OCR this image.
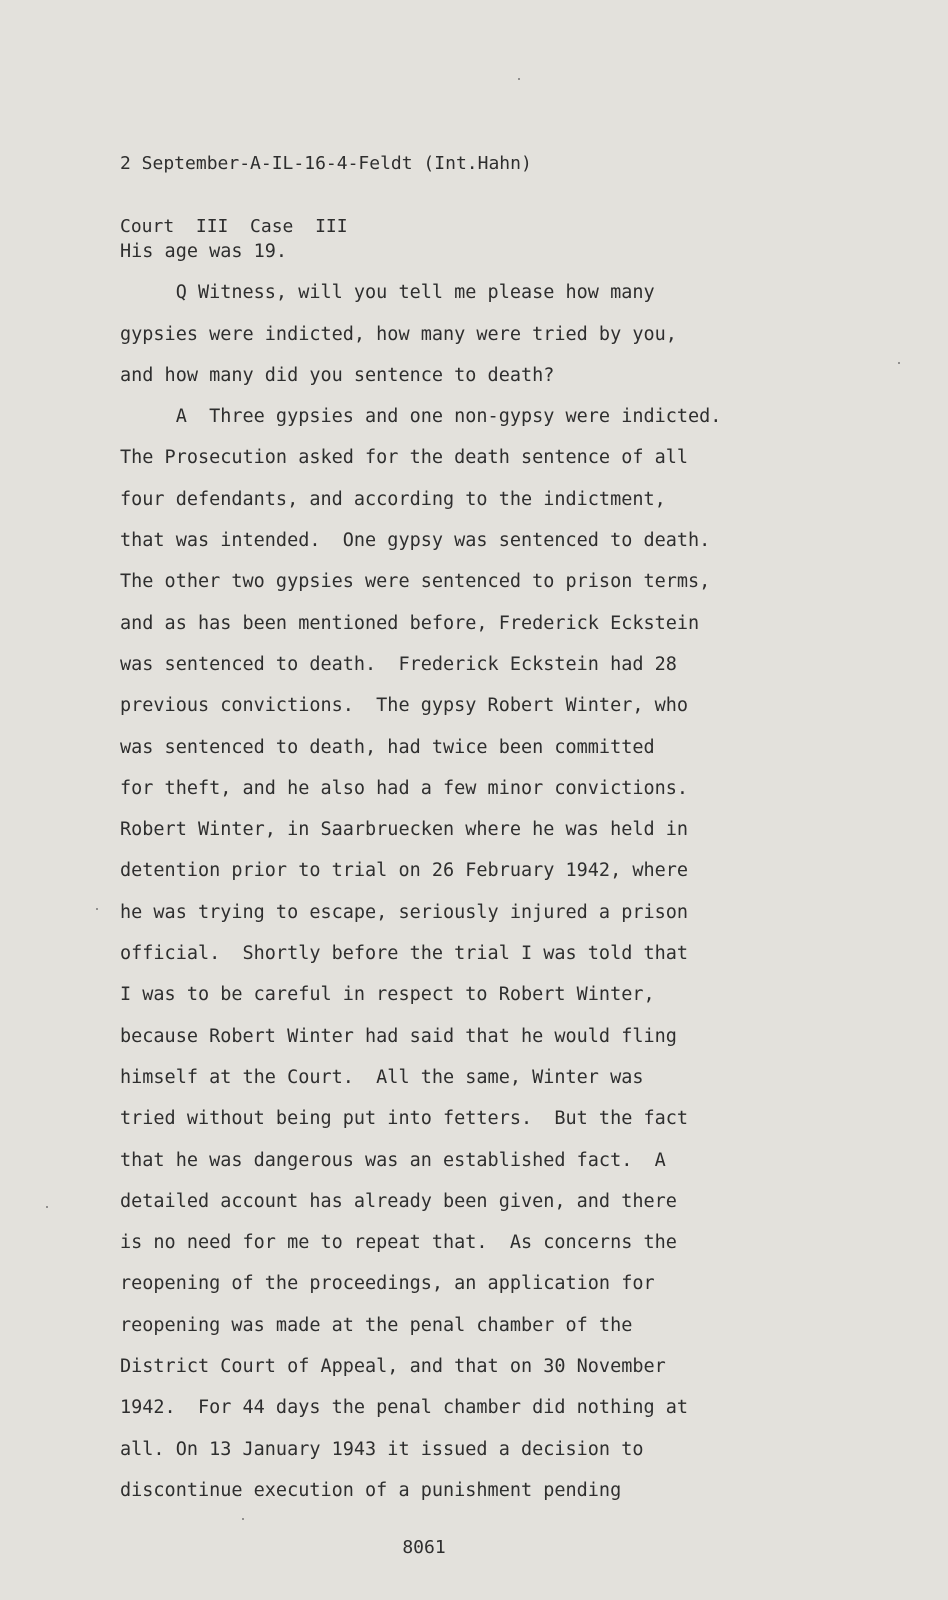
2 September-A-IL-16-4-Feldt (Int.Hahn)

Court  III  Case  III

His age was 19.
Q Witness, will you tell me please how many
gypsies were indicted, how many were tried by you,
and how many did you sentence to death?
A  Three gypsies and one non-gypsy were indicted.
The Prosecution asked for the death sentence of all
four defendants, and according to the indictment,
that was intended.  One gypsy was sentenced to death.
The other two gypsies were sentenced to prison terms,
and as has been mentioned before, Frederick Eckstein
was sentenced to death.  Frederick Eckstein had 28
previous convictions.  The gypsy Robert Winter, who
was sentenced to death, had twice been committed
for theft, and he also had a few minor convictions.
Robert Winter, in Saarbruecken where he was held in
detention prior to trial on 26 February 1942, where
he was trying to escape, seriously injured a prison
official.  Shortly before the trial I was told that
I was to be careful in respect to Robert Winter,
because Robert Winter had said that he would fling
himself at the Court.  All the same, Winter was
tried without being put into fetters.  But the fact
that he was dangerous was an established fact.  A
detailed account has already been given, and there
is no need for me to repeat that.  As concerns the
reopening of the proceedings, an application for
reopening was made at the penal chamber of the
District Court of Appeal, and that on 30 November
1942.  For 44 days the penal chamber did nothing at
all. On 13 January 1943 it issued a decision to
discontinue execution of a punishment pending
8061
